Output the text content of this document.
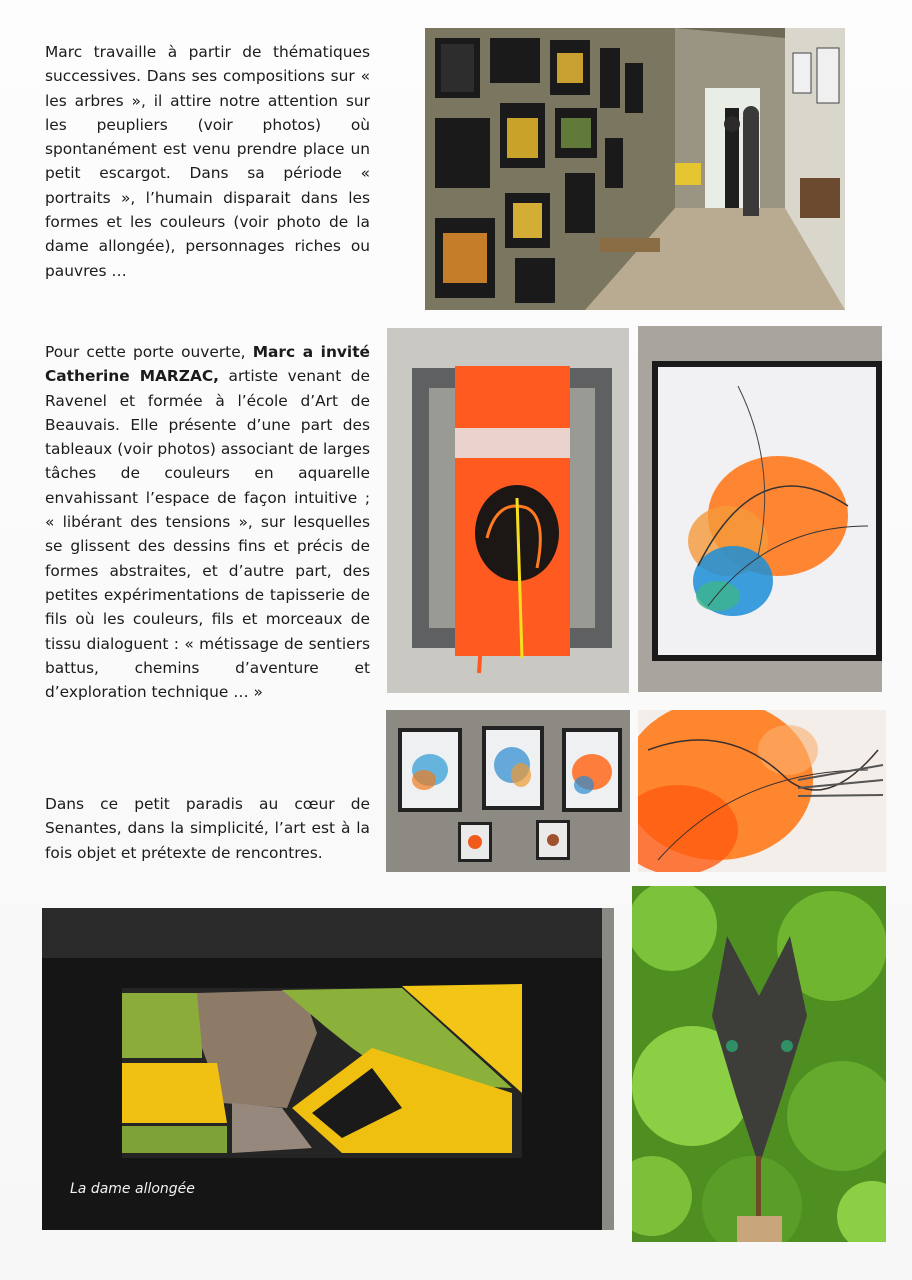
Marc travaille à partir de thématiques successives. Dans ses compositions sur « les arbres », il attire notre attention sur les peupliers (voir photos) où spontanément est venu prendre place un petit escargot. Dans sa période « portraits », l’humain disparait dans les formes et les couleurs (voir photo de la dame allongée), personnages riches ou pauvres …

Pour cette porte ouverte, Marc a invité Catherine MARZAC, artiste venant de Ravenel et formée à l’école d’Art de Beauvais. Elle présente d’une part des tableaux (voir photos) associant de larges tâches de couleurs en aquarelle envahissant l’espace de façon intuitive ; « libérant des tensions », sur lesquelles se glissent des dessins fins et précis de formes abstraites, et d’autre part, des petites expérimentations de tapisserie de fils où les couleurs, fils et morceaux de tissu dialoguent : « métissage de sentiers battus, chemins d’aventure et d’exploration technique … »

Dans ce petit paradis au cœur de Senantes, dans la simplicité, l’art est à la fois objet et prétexte de rencontres.

La dame allongée
